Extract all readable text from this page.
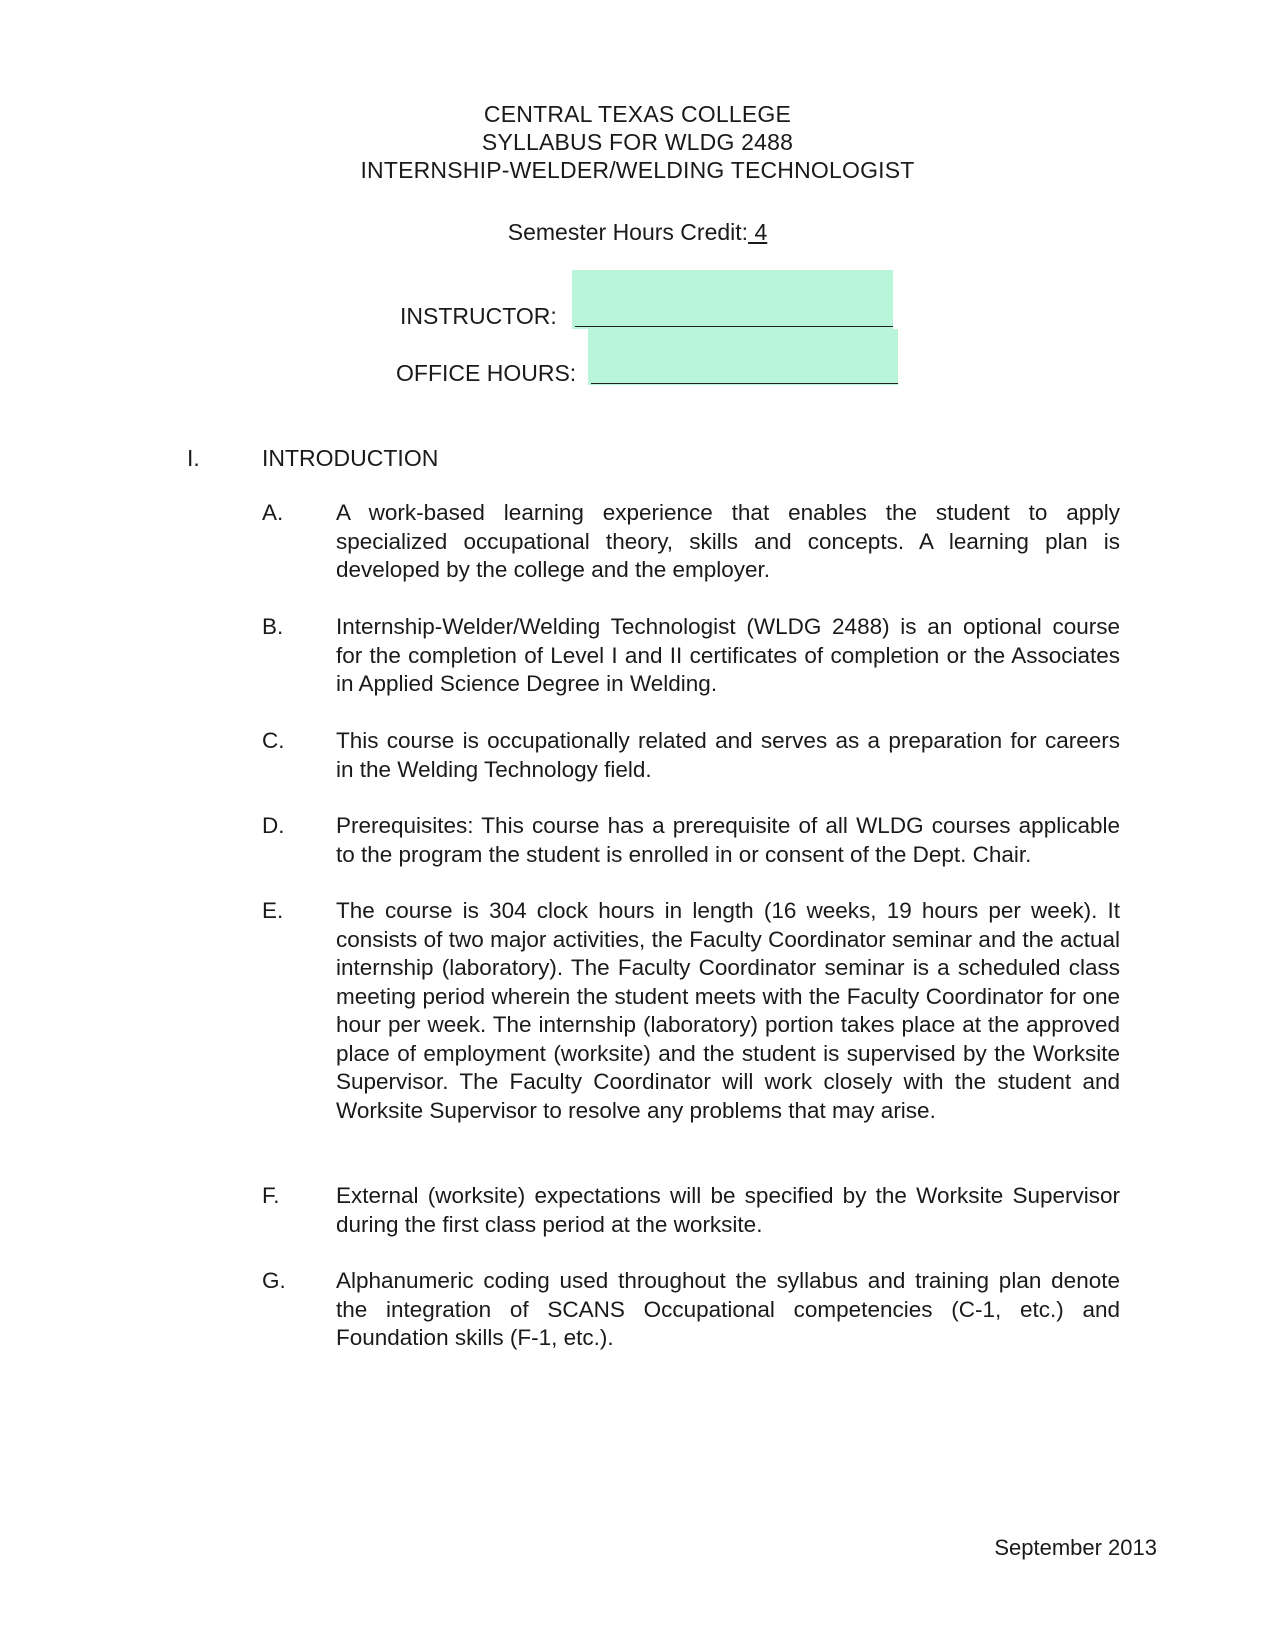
CENTRAL TEXAS COLLEGE
SYLLABUS FOR WLDG 2488
INTERNSHIP-WELDER/WELDING TECHNOLOGIST
Semester Hours Credit: 4
INSTRUCTOR:
OFFICE HOURS:
I.	INTRODUCTION
A. A work-based learning experience that enables the student to apply specialized occupational theory, skills and concepts. A learning plan is developed by the college and the employer.
B. Internship-Welder/Welding Technologist (WLDG 2488) is an optional course for the completion of Level I and II certificates of completion or the Associates in Applied Science Degree in Welding.
C. This course is occupationally related and serves as a preparation for careers in the Welding Technology field.
D. Prerequisites: This course has a prerequisite of all WLDG courses applicable to the program the student is enrolled in or consent of the Dept. Chair.
E. The course is 304 clock hours in length (16 weeks, 19 hours per week). It consists of two major activities, the Faculty Coordinator seminar and the actual internship (laboratory). The Faculty Coordinator seminar is a scheduled class meeting period wherein the student meets with the Faculty Coordinator for one hour per week. The internship (laboratory) portion takes place at the approved place of employment (worksite) and the student is supervised by the Worksite Supervisor. The Faculty Coordinator will work closely with the student and Worksite Supervisor to resolve any problems that may arise.
F.	External (worksite) expectations will be specified by the Worksite Supervisor during the first class period at the worksite.
G. Alphanumeric coding used throughout the syllabus and training plan denote the integration of SCANS Occupational competencies (C-1, etc.) and Foundation skills (F-1, etc.).
September 2013
